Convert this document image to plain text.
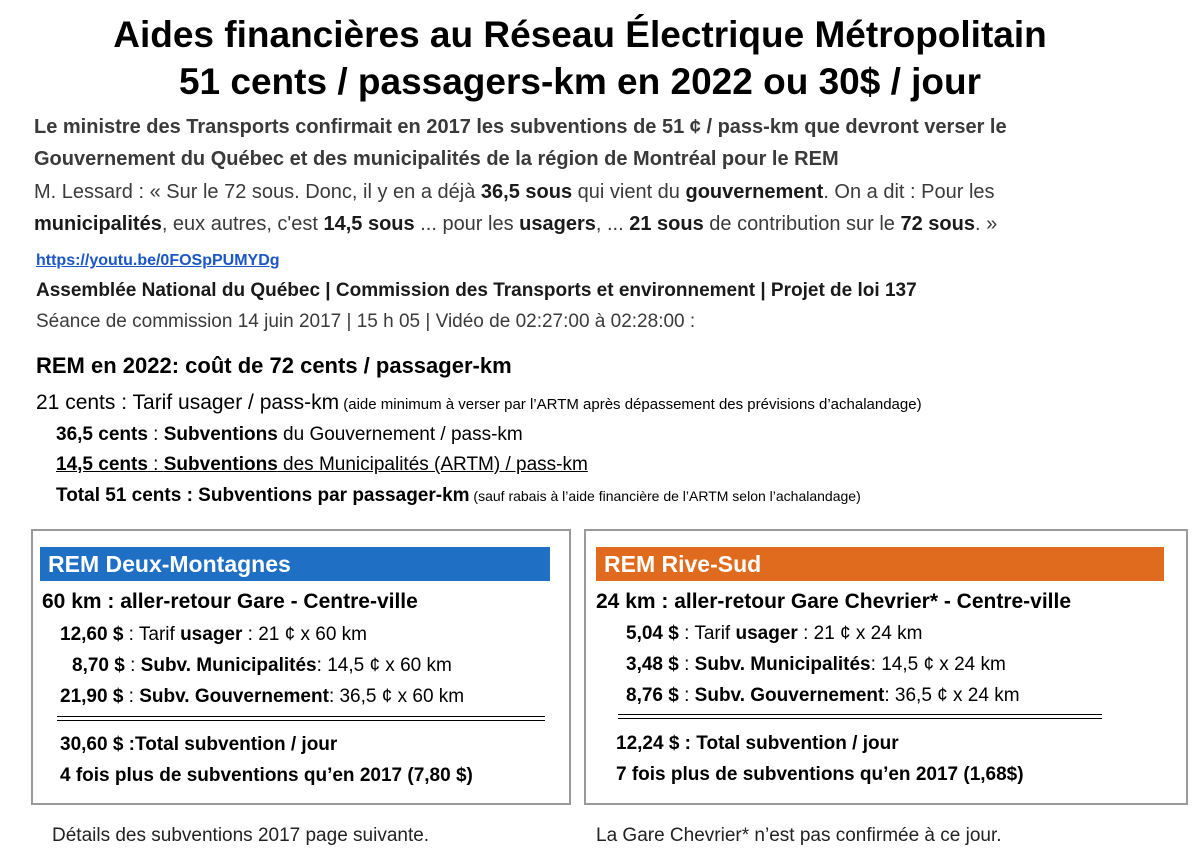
Aides financières au Réseau Électrique Métropolitain
51 cents / passagers-km en 2022 ou 30$ / jour
Le ministre des Transports confirmait en 2017 les subventions de 51 ¢ / pass-km que devront verser le
Gouvernement du Québec et des municipalités de la région de Montréal pour le REM
M. Lessard : « Sur le 72 sous. Donc, il y en a déjà 36,5 sous qui vient du gouvernement. On a dit : Pour les
municipalités, eux autres, c'est 14,5 sous ... pour les usagers, ... 21 sous de contribution sur le 72 sous. »
https://youtu.be/0FOSpPUMYDg
Assemblée National du Québec | Commission des Transports et environnement | Projet de loi 137
Séance de commission 14 juin 2017 | 15 h 05 | Vidéo de 02:27:00 à 02:28:00 :
REM en 2022: coût de 72 cents / passager-km
21 cents : Tarif usager / pass-km (aide minimum à verser par l’ARTM après dépassement des prévisions d’achalandage)
36,5 cents : Subventions du Gouvernement / pass-km
14,5 cents : Subventions des Municipalités (ARTM) / pass-km
Total 51 cents : Subventions par passager-km (sauf rabais à l’aide financière de l’ARTM selon l’achalandage)
REM Deux-Montagnes
60 km : aller-retour Gare - Centre-ville
12,60 $ : Tarif usager : 21 ¢ x 60 km
8,70 $ : Subv. Municipalités: 14,5 ¢ x 60 km
21,90 $ : Subv. Gouvernement: 36,5 ¢ x 60 km
30,60 $ :Total subvention / jour
4 fois plus de subventions qu’en 2017 (7,80 $)
REM Rive-Sud
24 km : aller-retour Gare Chevrier* - Centre-ville
5,04 $ : Tarif usager : 21 ¢ x 24 km
3,48 $ : Subv. Municipalités: 14,5 ¢ x 24 km
8,76 $ : Subv. Gouvernement: 36,5 ¢ x 24 km
12,24 $ : Total subvention / jour
7 fois plus de subventions qu’en 2017 (1,68$)
Détails des subventions 2017 page suivante.	La Gare Chevrier* n’est pas confirmée à ce jour.
